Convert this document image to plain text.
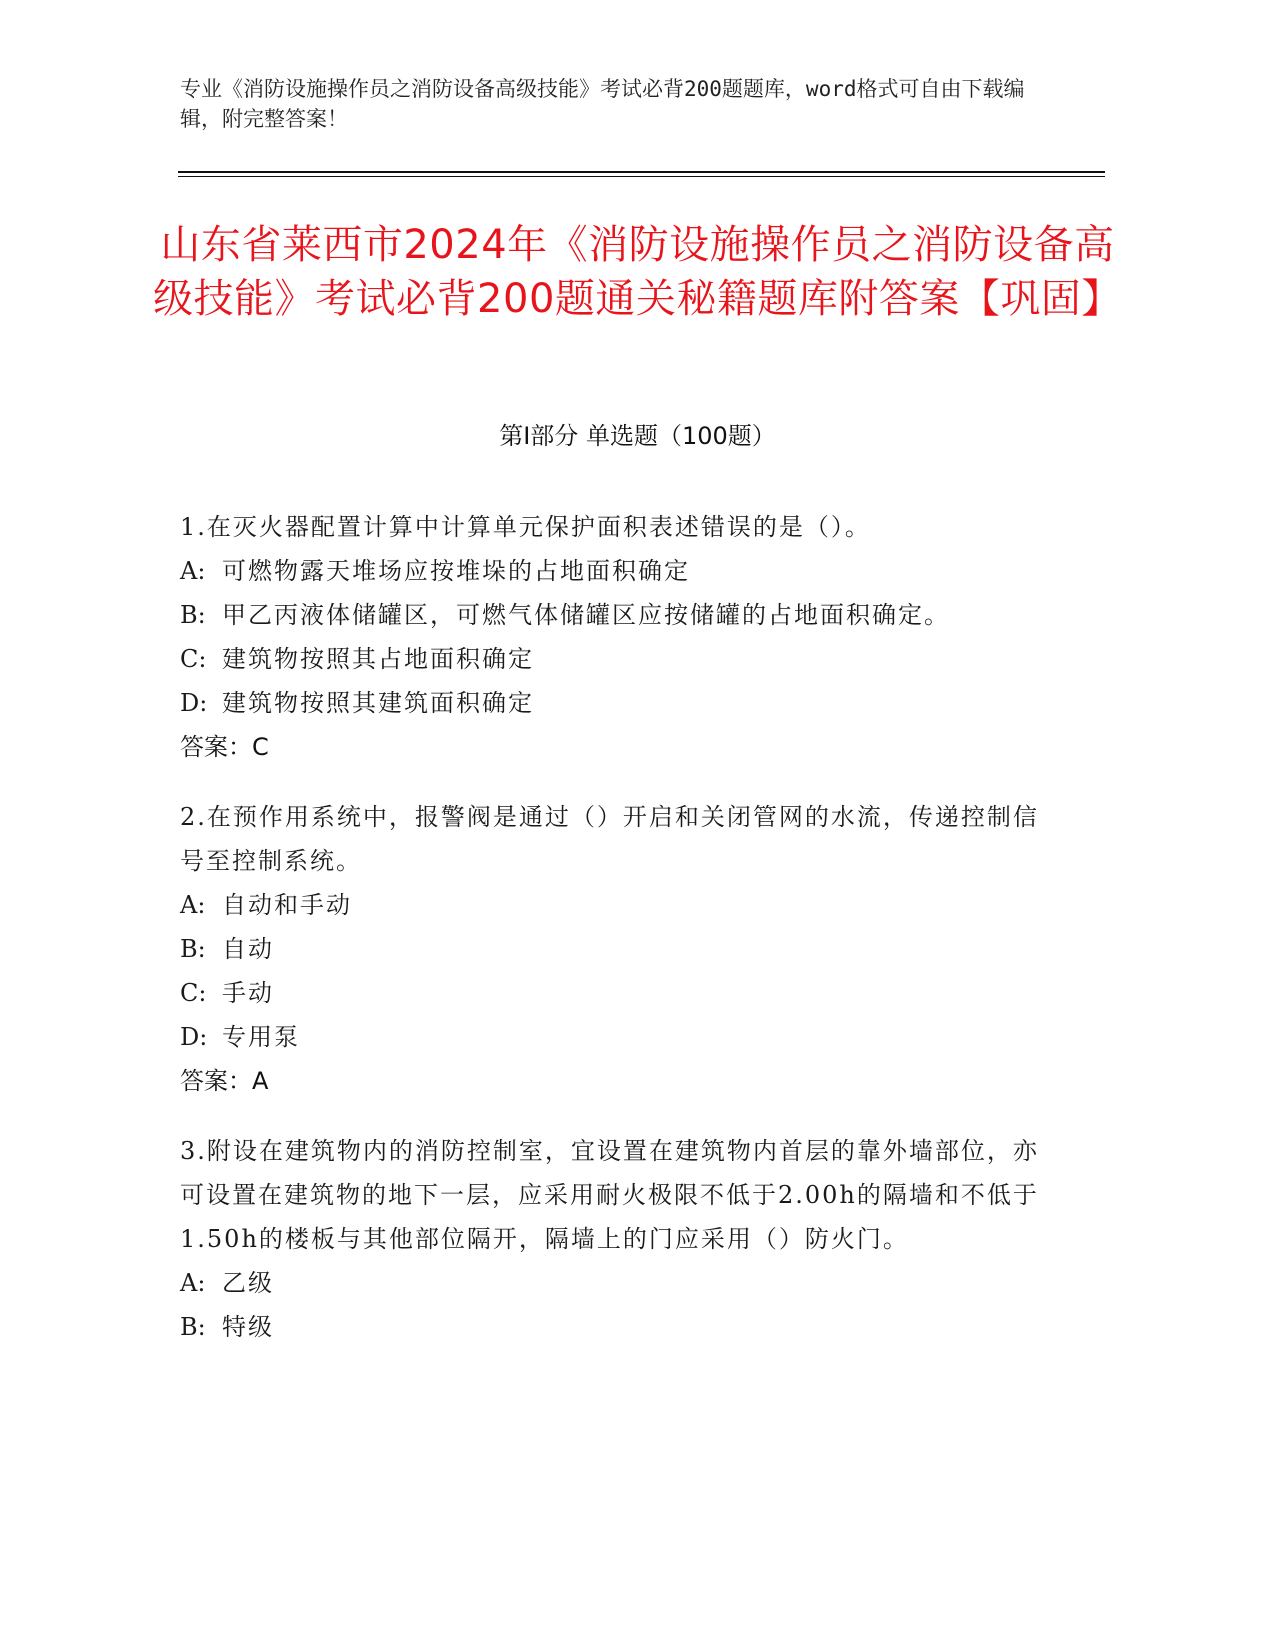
专业《消防设施操作员之消防设备高级技能》考试必背200题题库，word格式可自由下载编辑，附完整答案！
山东省莱西市2024年《消防设施操作员之消防设备高级技能》考试必背200题通关秘籍题库附答案【巩固】
第I部分 单选题（100题）
1.在灭火器配置计算中计算单元保护面积表述错误的是（）。
A: 可燃物露天堆场应按堆垛的占地面积确定
B: 甲乙丙液体储罐区，可燃气体储罐区应按储罐的占地面积确定。
C: 建筑物按照其占地面积确定
D: 建筑物按照其建筑面积确定
答案：C
2.在预作用系统中，报警阀是通过（）开启和关闭管网的水流，传递控制信号至控制系统。
A: 自动和手动
B: 自动
C: 手动
D: 专用泵
答案：A
3.附设在建筑物内的消防控制室，宜设置在建筑物内首层的靠外墙部位，亦可设置在建筑物的地下一层，应采用耐火极限不低于2.00h的隔墙和不低于1.50h的楼板与其他部位隔开，隔墙上的门应采用（）防火门。
A: 乙级
B: 特级
